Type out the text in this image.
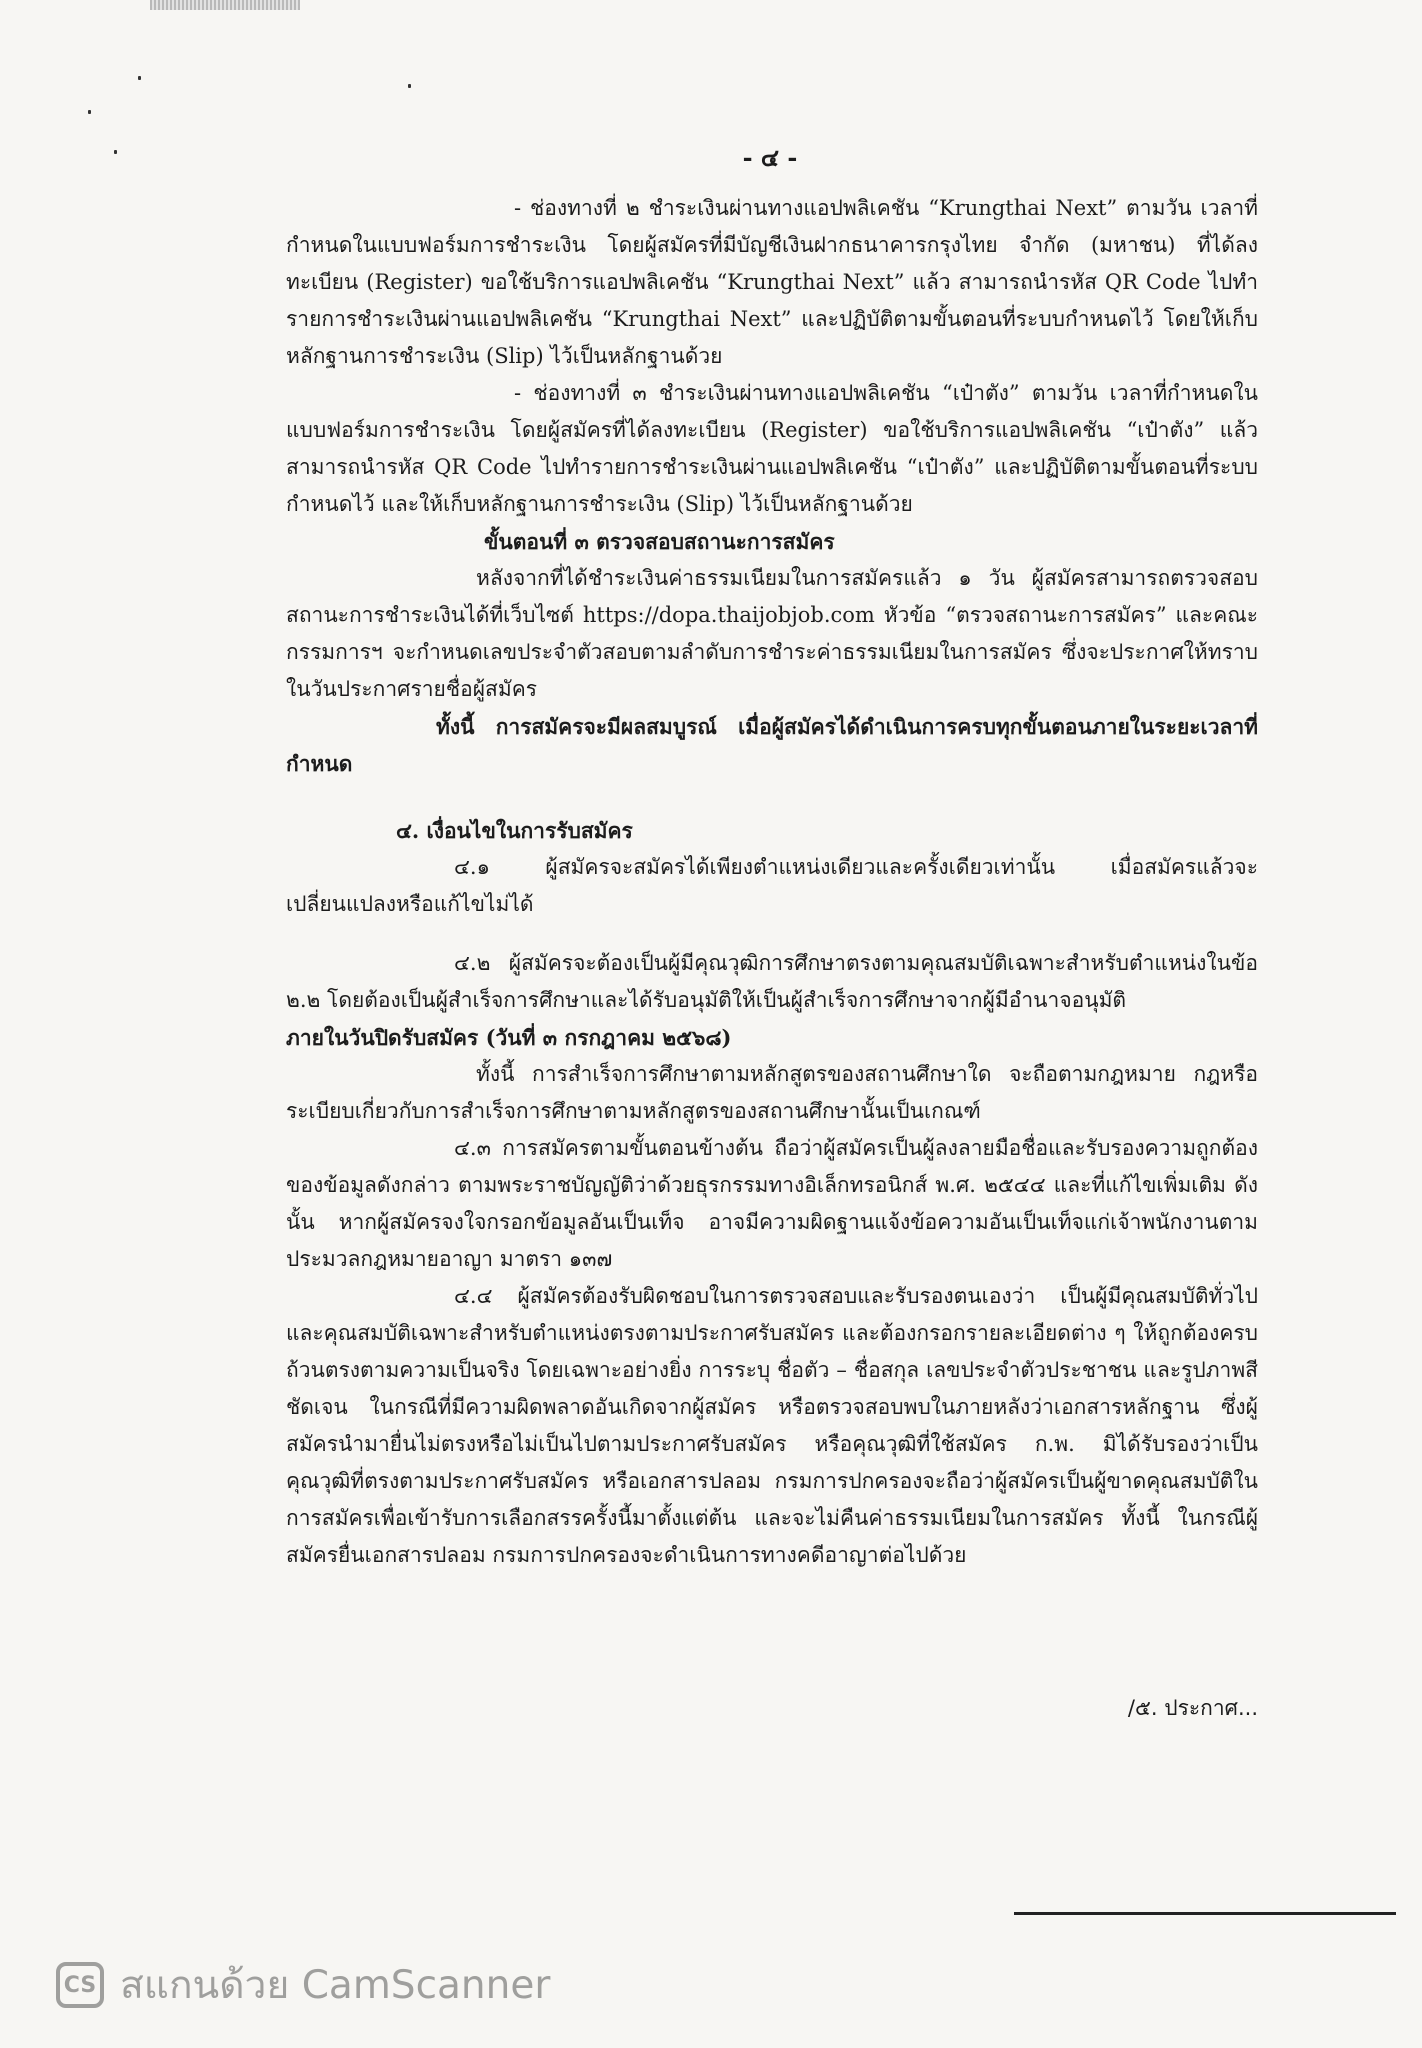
- ๔ -

- ช่องทางที่ ๒ ชำระเงินผ่านทางแอปพลิเคชัน “Krungthai Next” ตามวัน เวลาที่กำหนดในแบบฟอร์มการชำระเงิน โดยผู้สมัครที่มีบัญชีเงินฝากธนาคารกรุงไทย จำกัด (มหาชน) ที่ได้ลงทะเบียน (Register) ขอใช้บริการแอปพลิเคชัน “Krungthai Next” แล้ว สามารถนำรหัส QR Code ไปทำรายการชำระเงินผ่านแอปพลิเคชัน “Krungthai Next” และปฏิบัติตามขั้นตอนที่ระบบกำหนดไว้ โดยให้เก็บหลักฐานการชำระเงิน (Slip) ไว้เป็นหลักฐานด้วย

- ช่องทางที่ ๓ ชำระเงินผ่านทางแอปพลิเคชัน “เป๋าตัง” ตามวัน เวลาที่กำหนดในแบบฟอร์มการชำระเงิน โดยผู้สมัครที่ได้ลงทะเบียน (Register) ขอใช้บริการแอปพลิเคชัน “เป๋าตัง” แล้วสามารถนำรหัส QR Code ไปทำรายการชำระเงินผ่านแอปพลิเคชัน “เป๋าตัง” และปฏิบัติตามขั้นตอนที่ระบบกำหนดไว้ และให้เก็บหลักฐานการชำระเงิน (Slip) ไว้เป็นหลักฐานด้วย

ขั้นตอนที่ ๓ ตรวจสอบสถานะการสมัคร

หลังจากที่ได้ชำระเงินค่าธรรมเนียมในการสมัครแล้ว ๑ วัน ผู้สมัครสามารถตรวจสอบสถานะการชำระเงินได้ที่เว็บไซต์ https://dopa.thaijobjob.com หัวข้อ “ตรวจสถานะการสมัคร” และคณะกรรมการฯ จะกำหนดเลขประจำตัวสอบตามลำดับการชำระค่าธรรมเนียมในการสมัคร ซึ่งจะประกาศให้ทราบในวันประกาศรายชื่อผู้สมัคร

ทั้งนี้ การสมัครจะมีผลสมบูรณ์ เมื่อผู้สมัครได้ดำเนินการครบทุกขั้นตอนภายในระยะเวลาที่กำหนด

๔. เงื่อนไขในการรับสมัคร

๔.๑ ผู้สมัครจะสมัครได้เพียงตำแหน่งเดียวและครั้งเดียวเท่านั้น เมื่อสมัครแล้วจะเปลี่ยนแปลงหรือแก้ไขไม่ได้

๔.๒ ผู้สมัครจะต้องเป็นผู้มีคุณวุฒิการศึกษาตรงตามคุณสมบัติเฉพาะสำหรับตำแหน่งในข้อ ๒.๒ โดยต้องเป็นผู้สำเร็จการศึกษาและได้รับอนุมัติให้เป็นผู้สำเร็จการศึกษาจากผู้มีอำนาจอนุมัติ

ภายในวันปิดรับสมัคร (วันที่ ๓ กรกฎาคม ๒๕๖๘)

ทั้งนี้ การสำเร็จการศึกษาตามหลักสูตรของสถานศึกษาใด จะถือตามกฎหมาย กฎหรือระเบียบเกี่ยวกับการสำเร็จการศึกษาตามหลักสูตรของสถานศึกษานั้นเป็นเกณฑ์

๔.๓ การสมัครตามขั้นตอนข้างต้น ถือว่าผู้สมัครเป็นผู้ลงลายมือชื่อและรับรองความถูกต้องของข้อมูลดังกล่าว ตามพระราชบัญญัติว่าด้วยธุรกรรมทางอิเล็กทรอนิกส์ พ.ศ. ๒๕๔๔ และที่แก้ไขเพิ่มเติม ดังนั้น หากผู้สมัครจงใจกรอกข้อมูลอันเป็นเท็จ อาจมีความผิดฐานแจ้งข้อความอันเป็นเท็จแก่เจ้าพนักงานตามประมวลกฎหมายอาญา มาตรา ๑๓๗

๔.๔ ผู้สมัครต้องรับผิดชอบในการตรวจสอบและรับรองตนเองว่า เป็นผู้มีคุณสมบัติทั่วไปและคุณสมบัติเฉพาะสำหรับตำแหน่งตรงตามประกาศรับสมัคร และต้องกรอกรายละเอียดต่าง ๆ ให้ถูกต้องครบถ้วนตรงตามความเป็นจริง โดยเฉพาะอย่างยิ่ง การระบุ ชื่อตัว – ชื่อสกุล เลขประจำตัวประชาชน และรูปภาพสีชัดเจน ในกรณีที่มีความผิดพลาดอันเกิดจากผู้สมัคร หรือตรวจสอบพบในภายหลังว่าเอกสารหลักฐาน ซึ่งผู้สมัครนำมายื่นไม่ตรงหรือไม่เป็นไปตามประกาศรับสมัคร หรือคุณวุฒิที่ใช้สมัคร ก.พ. มิได้รับรองว่าเป็นคุณวุฒิที่ตรงตามประกาศรับสมัคร หรือเอกสารปลอม กรมการปกครองจะถือว่าผู้สมัครเป็นผู้ขาดคุณสมบัติในการสมัครเพื่อเข้ารับการเลือกสรรครั้งนี้มาตั้งแต่ต้น และจะไม่คืนค่าธรรมเนียมในการสมัคร ทั้งนี้ ในกรณีผู้สมัครยื่นเอกสารปลอม กรมการปกครองจะดำเนินการทางคดีอาญาต่อไปด้วย

/๕. ประกาศ...
CS สแกนด้วย CamScanner
